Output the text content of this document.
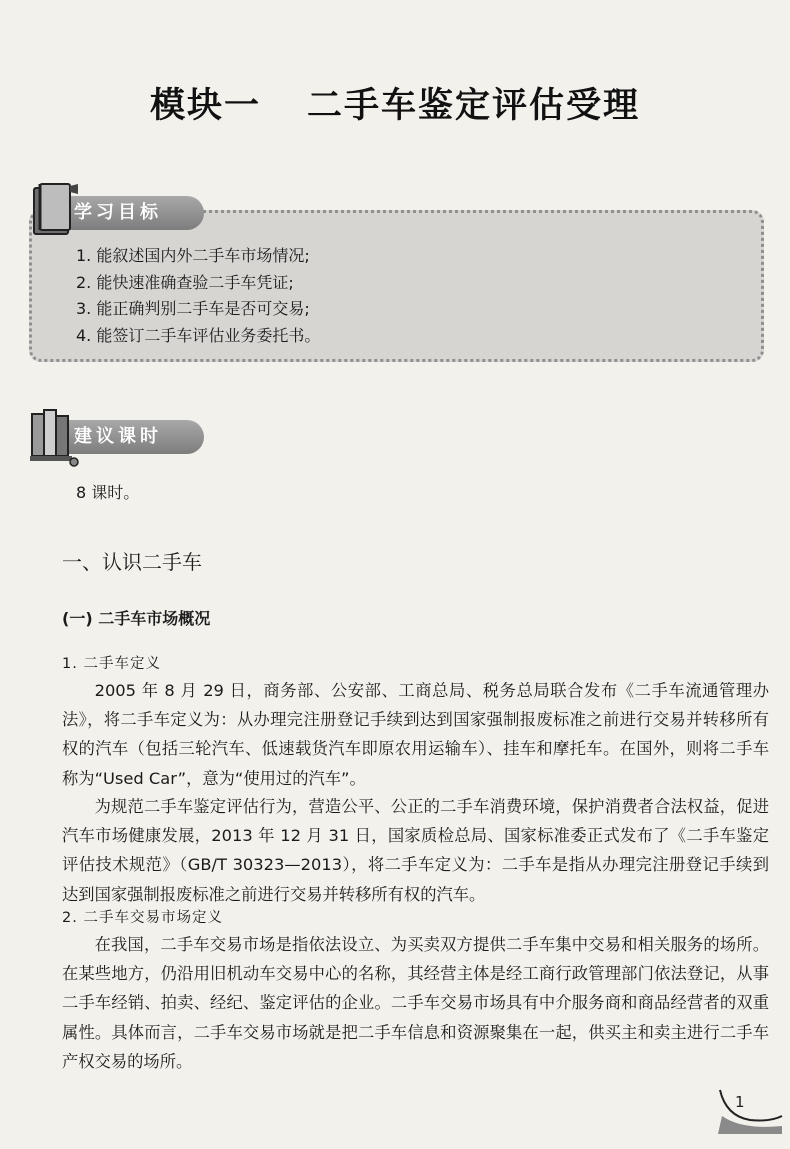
模块一 二手车鉴定评估受理
1. 能叙述国内外二手车市场情况;
2. 能快速准确查验二手车凭证;
3. 能正确判别二手车是否可交易;
4. 能签订二手车评估业务委托书。
学习目标
建议课时
8 课时。
一、认识二手车
(一) 二手车市场概况
1. 二手车定义

2005 年 8 月 29 日，商务部、公安部、工商总局、税务总局联合发布《二手车流通管理办法》，将二手车定义为：从办理完注册登记手续到达到国家强制报废标准之前进行交易并转移所有权的汽车（包括三轮汽车、低速载货汽车即原农用运输车）、挂车和摩托车。在国外，则将二手车称为“Used Car”，意为“使用过的汽车”。

为规范二手车鉴定评估行为，营造公平、公正的二手车消费环境，保护消费者合法权益，促进汽车市场健康发展，2013 年 12 月 31 日，国家质检总局、国家标准委正式发布了《二手车鉴定评估技术规范》（GB/T 30323—2013），将二手车定义为：二手车是指从办理完注册登记手续到达到国家强制报废标准之前进行交易并转移所有权的汽车。

2. 二手车交易市场定义

在我国，二手车交易市场是指依法设立、为买卖双方提供二手车集中交易和相关服务的场所。在某些地方，仍沿用旧机动车交易中心的名称，其经营主体是经工商行政管理部门依法登记，从事二手车经销、拍卖、经纪、鉴定评估的企业。二手车交易市场具有中介服务商和商品经营者的双重属性。具体而言，二手车交易市场就是把二手车信息和资源聚集在一起，供买主和卖主进行二手车产权交易的场所。

1
